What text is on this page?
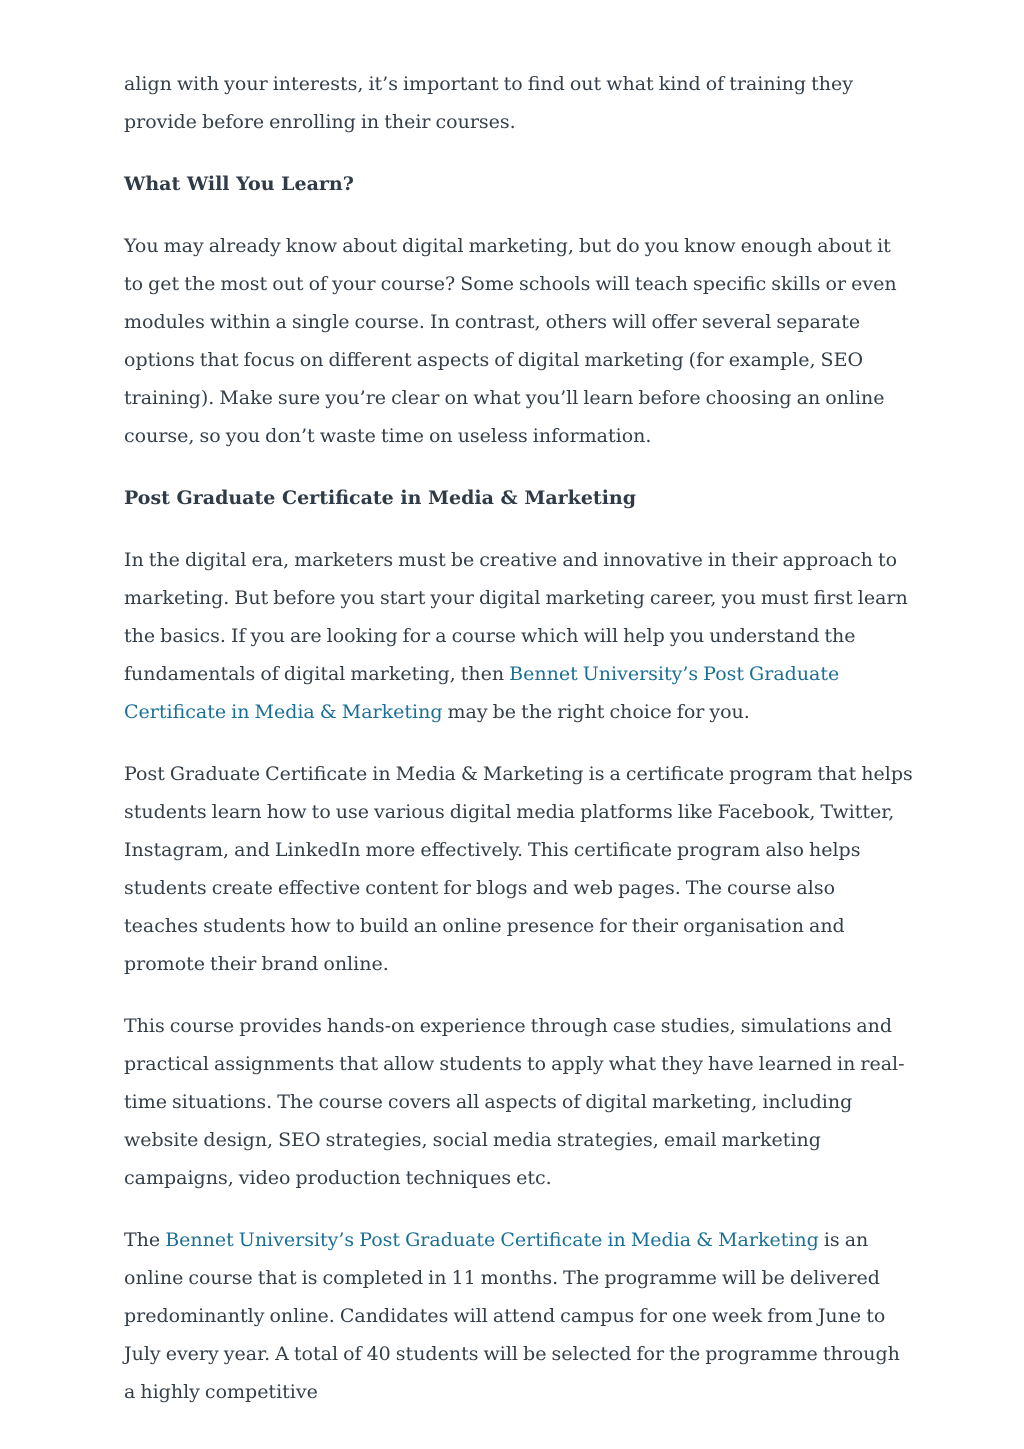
align with your interests, it’s important to find out what kind of training they provide before enrolling in their courses.

What Will You Learn?

You may already know about digital marketing, but do you know enough about it to get the most out of your course? Some schools will teach specific skills or even modules within a single course. In contrast, others will offer several separate options that focus on different aspects of digital marketing (for example, SEO training). Make sure you’re clear on what you’ll learn before choosing an online course, so you don’t waste time on useless information.

Post Graduate Certificate in Media & Marketing

In the digital era, marketers must be creative and innovative in their approach to marketing. But before you start your digital marketing career, you must first learn the basics. If you are looking for a course which will help you understand the fundamentals of digital marketing, then Bennet University’s Post Graduate Certificate in Media & Marketing may be the right choice for you.

Post Graduate Certificate in Media & Marketing is a certificate program that helps students learn how to use various digital media platforms like Facebook, Twitter, Instagram, and LinkedIn more effectively. This certificate program also helps students create effective content for blogs and web pages. The course also teaches students how to build an online presence for their organisation and promote their brand online.

This course provides hands-on experience through case studies, simulations and practical assignments that allow students to apply what they have learned in real-time situations. The course covers all aspects of digital marketing, including website design, SEO strategies, social media strategies, email marketing campaigns, video production techniques etc.

The Bennet University’s Post Graduate Certificate in Media & Marketing is an online course that is completed in 11 months. The programme will be delivered predominantly online. Candidates will attend campus for one week from June to July every year. A total of 40 students will be selected for the programme through a highly competitive
